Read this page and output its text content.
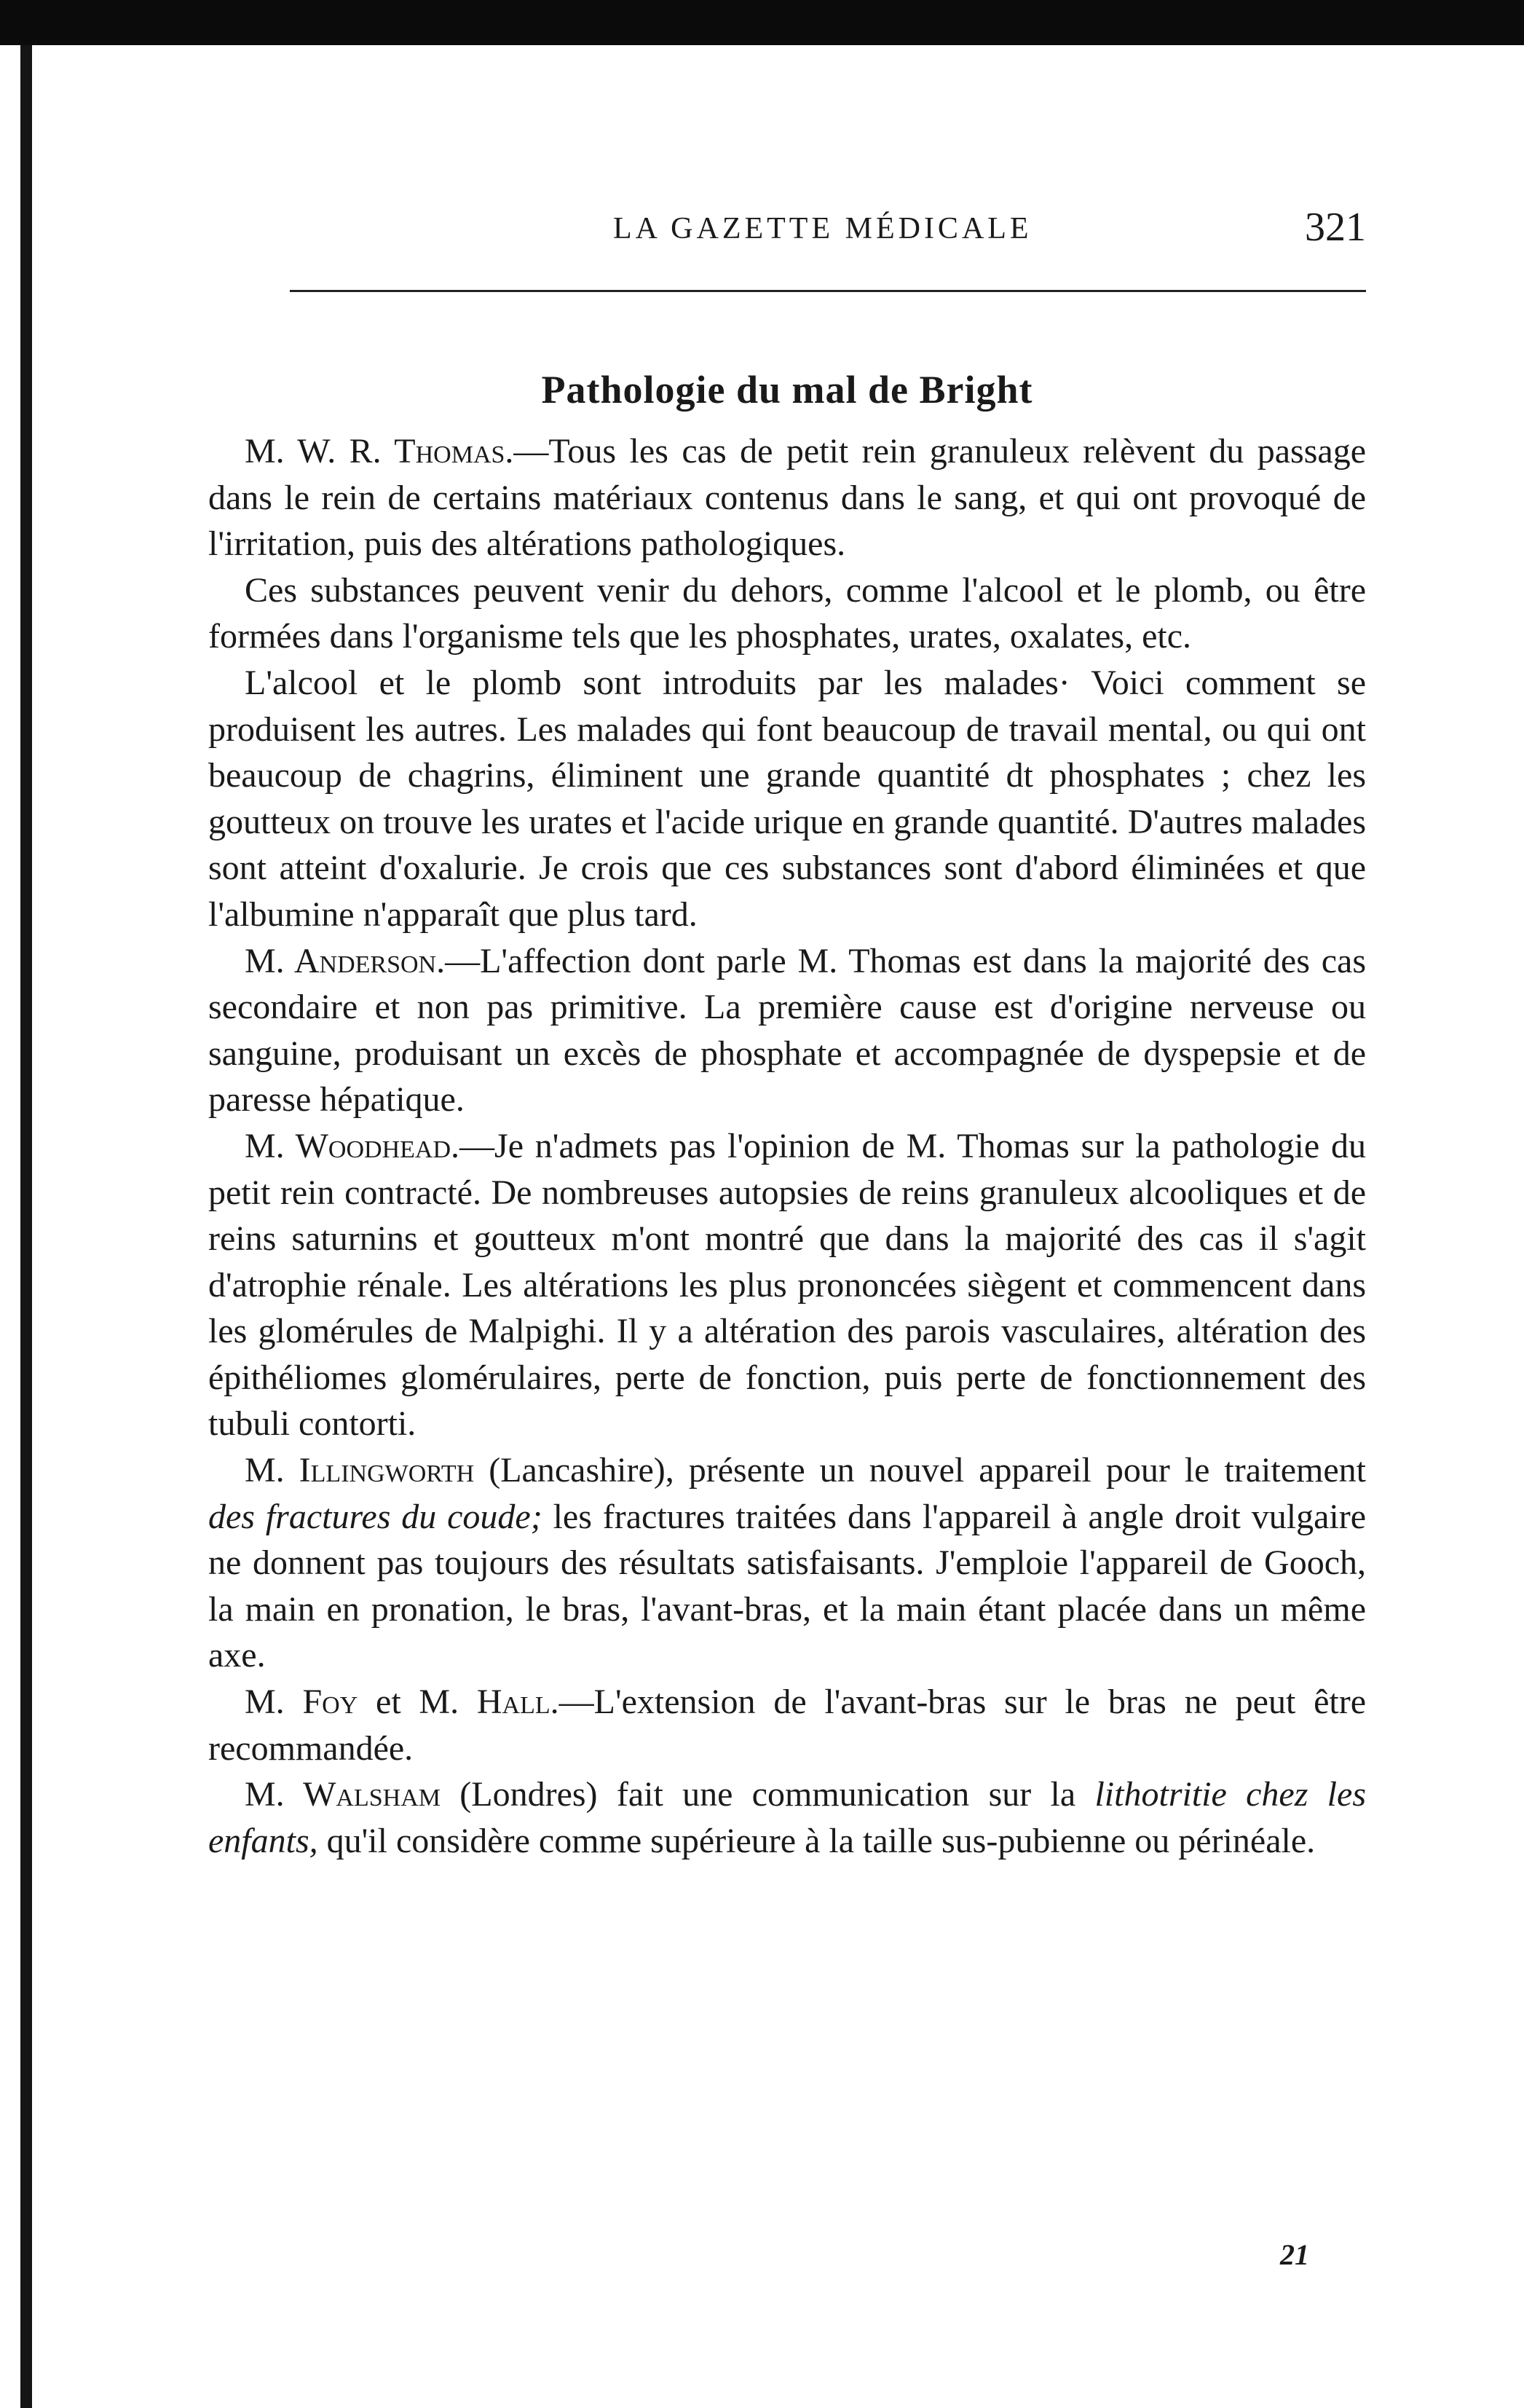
LA GAZETTE MÉDICALE	321
Pathologie du mal de Bright

M. W. R. Thomas.—Tous les cas de petit rein granuleux relèvent du passage dans le rein de certains matériaux contenus dans le sang, et qui ont provoqué de l'irritation, puis des altérations pathologiques.

Ces substances peuvent venir du dehors, comme l'alcool et le plomb, ou être formées dans l'organisme tels que les phosphates, urates, oxalates, etc.

L'alcool et le plomb sont introduits par les malades· Voici comment se produisent les autres. Les malades qui font beaucoup de travail mental, ou qui ont beaucoup de chagrins, éliminent une grande quantité dt phosphates ; chez les goutteux on trouve les urates et l'acide urique en grande quantité. D'autres malades sont atteint d'oxalurie. Je crois que ces substances sont d'abord éliminées et que l'albumine n'apparaît que plus tard.

M. Anderson.—L'affection dont parle M. Thomas est dans la majorité des cas secondaire et non pas primitive. La première cause est d'origine nerveuse ou sanguine, produisant un excès de phosphate et accompagnée de dyspepsie et de paresse hépatique.

M. Woodhead.—Je n'admets pas l'opinion de M. Thomas sur la pathologie du petit rein contracté. De nombreuses autopsies de reins granuleux alcooliques et de reins saturnins et goutteux m'ont montré que dans la majorité des cas il s'agit d'atrophie rénale. Les altérations les plus prononcées siègent et commencent dans les glomérules de Malpighi. Il y a altération des parois vasculaires, altération des épithéliomes glomérulaires, perte de fonction, puis perte de fonctionnement des tubuli contorti.

M. Illingworth (Lancashire), présente un nouvel appareil pour le traitement des fractures du coude; les fractures traitées dans l'appareil à angle droit vulgaire ne donnent pas toujours des résultats satisfaisants. J'emploie l'appareil de Gooch, la main en pronation, le bras, l'avant-bras, et la main étant placée dans un même axe.

M. Foy et M. Hall.—L'extension de l'avant-bras sur le bras ne peut être recommandée.

M. Walsham (Londres) fait une communication sur la lithotritie chez les enfants, qu'il considère comme supérieure à la taille sus-pubienne ou périnéale.

21
